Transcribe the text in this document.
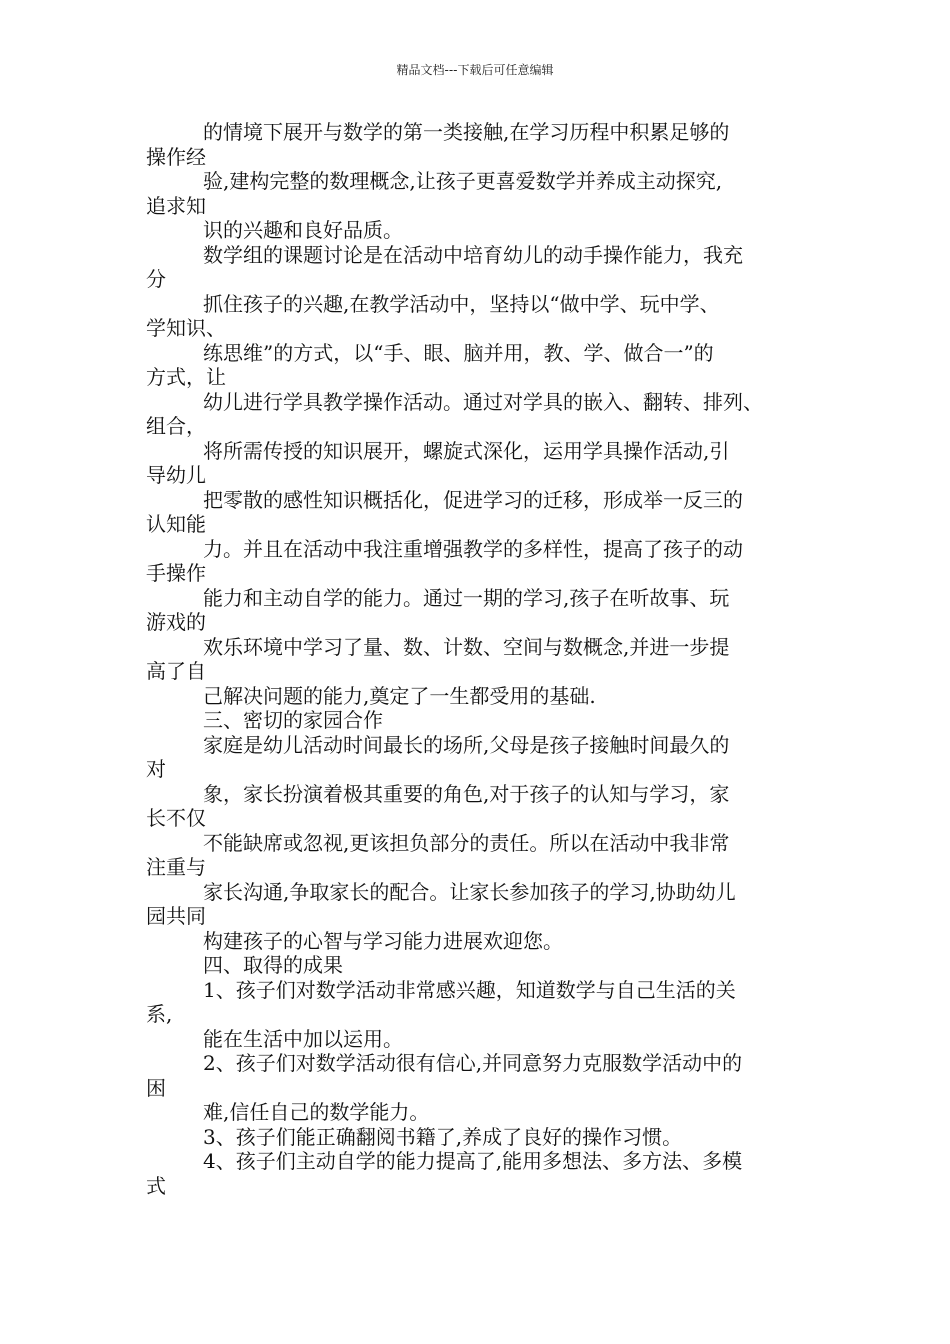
精品文档---下载后可任意编辑
的情境下展开与数学的第一类接触,在学习历程中积累足够的
操作经
验,建构完整的数理概念,让孩子更喜爱数学并养成主动探究,
追求知
识的兴趣和良好品质。
数学组的课题讨论是在活动中培育幼儿的动手操作能力，我充
分
抓住孩子的兴趣,在教学活动中，坚持以“做中学、玩中学、
学知识、
练思维”的方式，以“手、眼、脑并用，教、学、做合一”的
方式，让
幼儿进行学具教学操作活动。通过对学具的嵌入、翻转、排列、
组合，
将所需传授的知识展开，螺旋式深化，运用学具操作活动,引
导幼儿
把零散的感性知识概括化，促进学习的迁移，形成举一反三的
认知能
力。并且在活动中我注重增强教学的多样性，提高了孩子的动
手操作
能力和主动自学的能力。通过一期的学习,孩子在听故事、玩
游戏的
欢乐环境中学习了量、数、计数、空间与数概念,并进一步提
高了自
己解决问题的能力,奠定了一生都受用的基础.
三、密切的家园合作
家庭是幼儿活动时间最长的场所,父母是孩子接触时间最久的
对
象，家长扮演着极其重要的角色,对于孩子的认知与学习，家
长不仅
不能缺席或忽视,更该担负部分的责任。所以在活动中我非常
注重与
家长沟通,争取家长的配合。让家长参加孩子的学习,协助幼儿
园共同
构建孩子的心智与学习能力进展欢迎您。
四、取得的成果
1、孩子们对数学活动非常感兴趣，知道数学与自己生活的关
系,
能在生活中加以运用。
2、孩子们对数学活动很有信心,并同意努力克服数学活动中的
困
难,信任自己的数学能力。
3、孩子们能正确翻阅书籍了,养成了良好的操作习惯。
4、孩子们主动自学的能力提高了,能用多想法、多方法、多模
式
